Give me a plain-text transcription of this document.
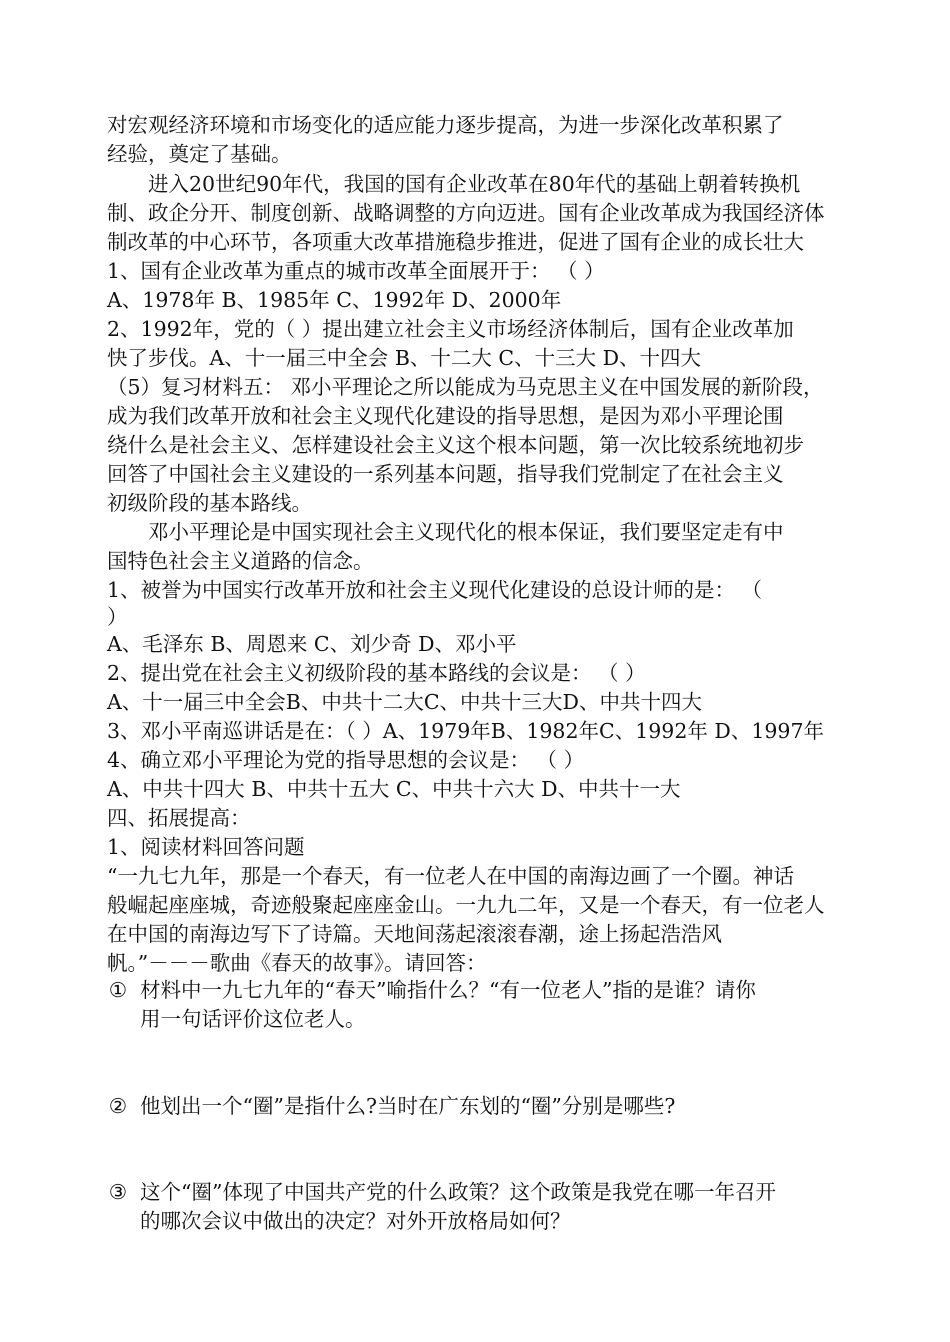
对宏观经济环境和市场变化的适应能力逐步提高，为进一步深化改革积累了
经验，奠定了基础。
进入20世纪90年代，我国的国有企业改革在80年代的基础上朝着转换机
制、政企分开、制度创新、战略调整的方向迈进。国有企业改革成为我国经济体
制改革的中心环节，各项重大改革措施稳步推进，促进了国有企业的成长壮大
1、国有企业改革为重点的城市改革全面展开于： （ ）
A、1978年 B、1985年 C、1992年 D、2000年
2、1992年，党的（ ）提出建立社会主义市场经济体制后，国有企业改革加
快了步伐。A、十一届三中全会 B、十二大 C、十三大 D、十四大
（5）复习材料五： 邓小平理论之所以能成为马克思主义在中国发展的新阶段，
成为我们改革开放和社会主义现代化建设的指导思想，是因为邓小平理论围
绕什么是社会主义、怎样建设社会主义这个根本问题，第一次比较系统地初步
回答了中国社会主义建设的一系列基本问题，指导我们党制定了在社会主义
初级阶段的基本路线。
邓小平理论是中国实现社会主义现代化的根本保证，我们要坚定走有中
国特色社会主义道路的信念。
1、被誉为中国实行改革开放和社会主义现代化建设的总设计师的是： （
）
A、毛泽东 B、周恩来 C、刘少奇 D、邓小平
2、提出党在社会主义初级阶段的基本路线的会议是： （ ）
A、十一届三中全会B、中共十二大C、中共十三大D、中共十四大
3、邓小平南巡讲话是在：（ ）A、1979年B、1982年C、1992年 D、1997年
4、确立邓小平理论为党的指导思想的会议是： （ ）
A、中共十四大 B、中共十五大 C、中共十六大 D、中共十一大
四、拓展提高：
1、阅读材料回答问题
“一九七九年，那是一个春天，有一位老人在中国的南海边画了一个圈。神话
般崛起座座城，奇迹般聚起座座金山。一九九二年，又是一个春天，有一位老人
在中国的南海边写下了诗篇。天地间荡起滚滚春潮，途上扬起浩浩风
帆。”－－－歌曲《春天的故事》。请回答：
① 材料中一九七九年的“春天”喻指什么？“有一位老人”指的是谁？请你
用一句话评价这位老人。
② 他划出一个“圈”是指什么?当时在广东划的“圈”分别是哪些?
③ 这个“圈”体现了中国共产党的什么政策？这个政策是我党在哪一年召开
的哪次会议中做出的决定？对外开放格局如何？
